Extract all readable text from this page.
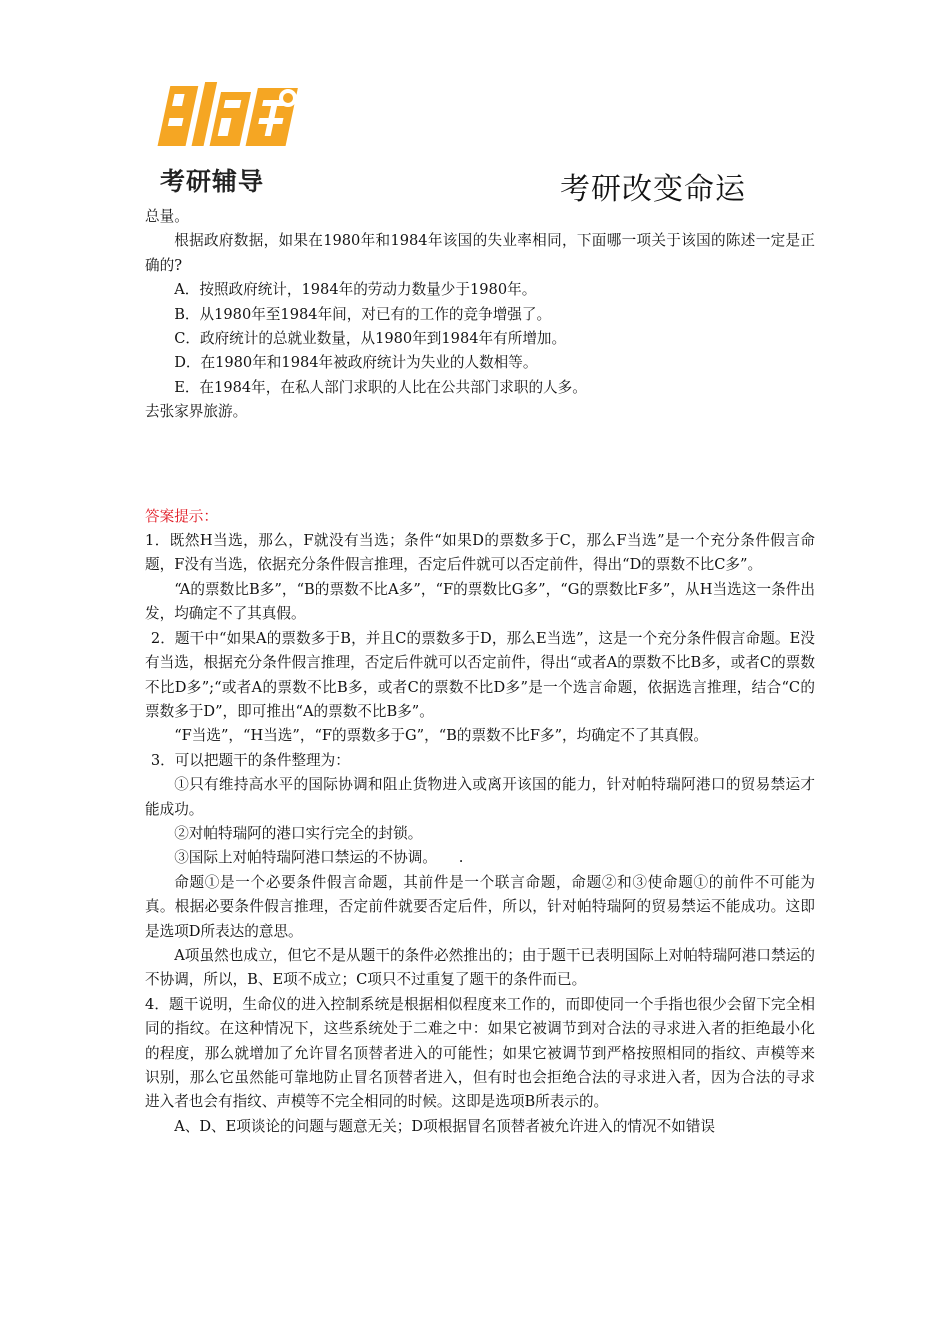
考研辅导	考研改变命运

总量。

根据政府数据，如果在1980年和1984年该国的失业率相同，下面哪一项关于该国的陈述一定是正确的?

A．按照政府统计，1984年的劳动力数量少于1980年。

B．从1980年至1984年间，对已有的工作的竞争增强了。

C．政府统计的总就业数量，从1980年到1984年有所增加。

D．在1980年和1984年被政府统计为失业的人数相等。

E．在1984年，在私人部门求职的人比在公共部门求职的人多。

去张家界旅游。

答案提示：

1．既然H当选，那么，F就没有当选；条件“如果D的票数多于C，那么F当选”是一个充分条件假言命题，F没有当选，依据充分条件假言推理，否定后件就可以否定前件，得出“D的票数不比C多”。

“A的票数比B多”，“B的票数不比A多”，“F的票数比G多”，“G的票数比F多”，从H当选这一条件出发，均确定不了其真假。

2．题干中“如果A的票数多于B，并且C的票数多于D，那么E当选”，这是一个充分条件假言命题。E没有当选，根据充分条件假言推理，否定后件就可以否定前件，得出“或者A的票数不比B多，或者C的票数不比D多”;“或者A的票数不比B多，或者C的票数不比D多”是一个选言命题，依据选言推理，结合“C的票数多于D”，即可推出“A的票数不比B多”。

“F当选”，“H当选”，“F的票数多于G”，“B的票数不比F多”，均确定不了其真假。

3．可以把题干的条件整理为：

①只有维持高水平的国际协调和阻止货物进入或离开该国的能力，针对帕特瑞阿港口的贸易禁运才能成功。

②对帕特瑞阿的港口实行完全的封锁。

③国际上对帕特瑞阿港口禁运的不协调。　　.

命题①是一个必要条件假言命题，其前件是一个联言命题，命题②和③使命题①的前件不可能为真。根据必要条件假言推理，否定前件就要否定后件，所以，针对帕特瑞阿的贸易禁运不能成功。这即是选项D所表达的意思。

A项虽然也成立，但它不是从题干的条件必然推出的；由于题干已表明国际上对帕特瑞阿港口禁运的不协调，所以，B、E项不成立；C项只不过重复了题干的条件而已。

4．题干说明，生命仪的进入控制系统是根据相似程度来工作的，而即使同一个手指也很少会留下完全相同的指纹。在这种情况下，这些系统处于二难之中：如果它被调节到对合法的寻求进入者的拒绝最小化的程度，那么就增加了允许冒名顶替者进入的可能性；如果它被调节到严格按照相同的指纹、声模等来识别，那么它虽然能可靠地防止冒名顶替者进入，但有时也会拒绝合法的寻求进入者，因为合法的寻求进入者也会有指纹、声模等不完全相同的时候。这即是选项B所表示的。

A、D、E项谈论的问题与题意无关；D项根据冒名顶替者被允许进入的情况不如错误
